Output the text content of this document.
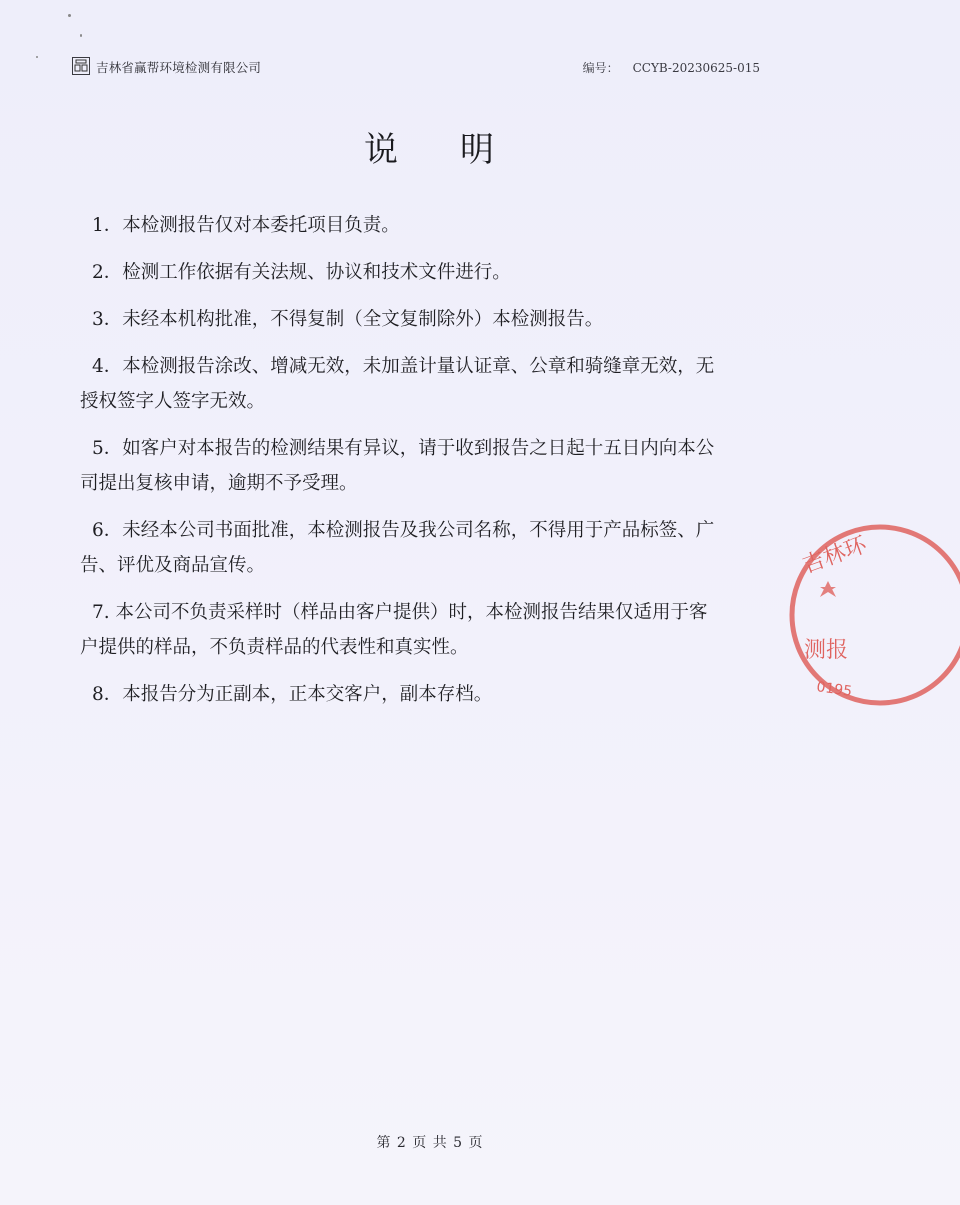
吉林省赢帮环境检测有限公司	编号： CCYB-20230625-015
说 明
1．本检测报告仅对本委托项目负责。
2．检测工作依据有关法规、协议和技术文件进行。
3．未经本机构批准，不得复制（全文复制除外）本检测报告。
4．本检测报告涂改、增减无效，未加盖计量认证章、公章和骑缝章无效，无
授权签字人签字无效。
5．如客户对本报告的检测结果有异议，请于收到报告之日起十五日内向本公
司提出复核申请，逾期不予受理。
6．未经本公司书面批准，本检测报告及我公司名称，不得用于产品标签、广
告、评优及商品宣传。
7. 本公司不负责采样时（样品由客户提供）时，本检测报告结果仅适用于客
户提供的样品，不负责样品的代表性和真实性。
8．本报告分为正副本，正本交客户，副本存档。
第 2 页 共 5 页
吉林环
测报
0195
